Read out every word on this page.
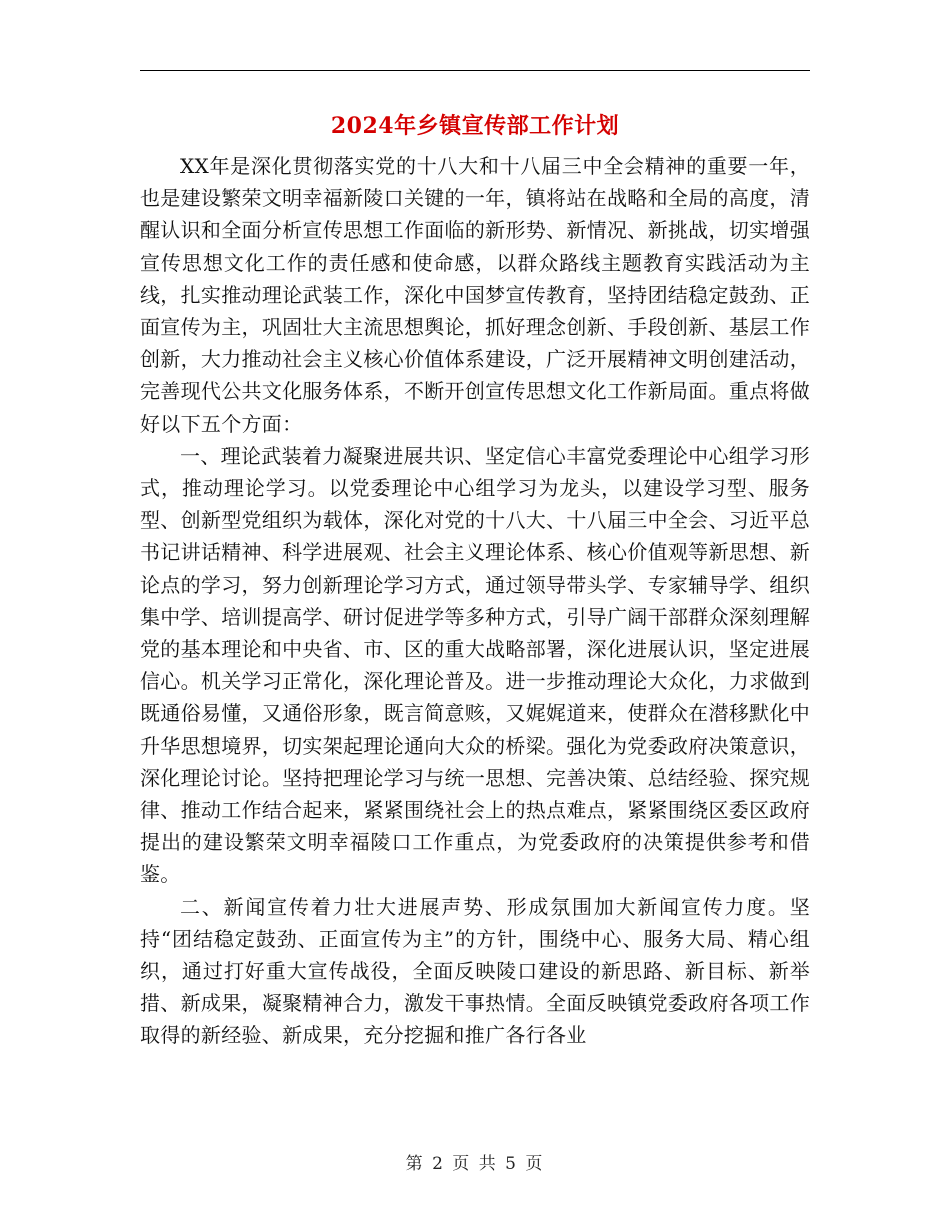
2024年乡镇宣传部工作计划

XX年是深化贯彻落实党的十八大和十八届三中全会精神的重要一年，也是建设繁荣文明幸福新陵口关键的一年，镇将站在战略和全局的高度，清醒认识和全面分析宣传思想工作面临的新形势、新情况、新挑战，切实增强宣传思想文化工作的责任感和使命感，以群众路线主题教育实践活动为主线，扎实推动理论武装工作，深化中国梦宣传教育，坚持团结稳定鼓劲、正面宣传为主，巩固壮大主流思想舆论，抓好理念创新、手段创新、基层工作创新，大力推动社会主义核心价值体系建设，广泛开展精神文明创建活动，完善现代公共文化服务体系，不断开创宣传思想文化工作新局面。重点将做好以下五个方面：

一、理论武装着力凝聚进展共识、坚定信心丰富党委理论中心组学习形式，推动理论学习。以党委理论中心组学习为龙头，以建设学习型、服务型、创新型党组织为载体，深化对党的十八大、十八届三中全会、习近平总书记讲话精神、科学进展观、社会主义理论体系、核心价值观等新思想、新论点的学习，努力创新理论学习方式，通过领导带头学、专家辅导学、组织集中学、培训提高学、研讨促进学等多种方式，引导广阔干部群众深刻理解党的基本理论和中央省、市、区的重大战略部署，深化进展认识，坚定进展信心。机关学习正常化，深化理论普及。进一步推动理论大众化，力求做到既通俗易懂，又通俗形象，既言简意赅，又娓娓道来，使群众在潜移默化中升华思想境界，切实架起理论通向大众的桥梁。强化为党委政府决策意识，深化理论讨论。坚持把理论学习与统一思想、完善决策、总结经验、探究规律、推动工作结合起来，紧紧围绕社会上的热点难点，紧紧围绕区委区政府提出的建设繁荣文明幸福陵口工作重点，为党委政府的决策提供参考和借鉴。

二、新闻宣传着力壮大进展声势、形成氛围加大新闻宣传力度。坚持“团结稳定鼓劲、正面宣传为主”的方针，围绕中心、服务大局、精心组织，通过打好重大宣传战役，全面反映陵口建设的新思路、新目标、新举措、新成果，凝聚精神合力，激发干事热情。全面反映镇党委政府各项工作取得的新经验、新成果，充分挖掘和推广各行各业

第 2 页 共 5 页
